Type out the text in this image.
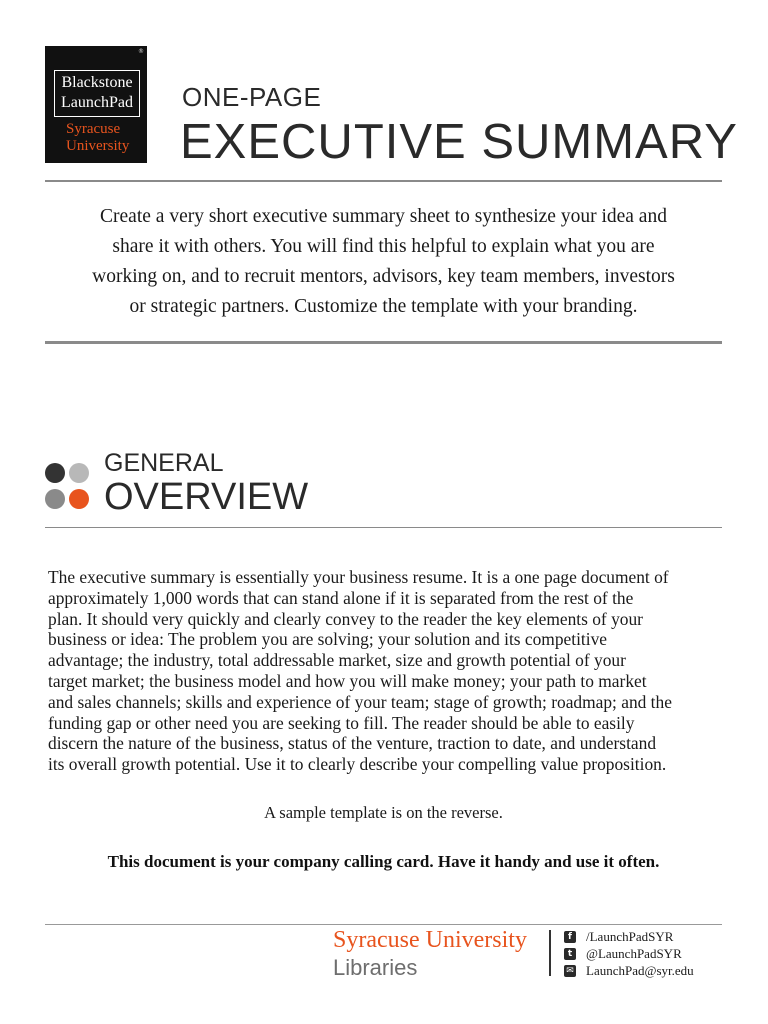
®
Blackstone
LaunchPad
Syracuse
University
ONE-PAGE
EXECUTIVE SUMMARY
Create a very short executive summary sheet to synthesize your idea and
share it with others. You will find this helpful to explain what you are
working on, and to recruit mentors, advisors, key team members, investors
or strategic partners. Customize the template with your branding.
GENERAL
OVERVIEW
The executive summary is essentially your business resume. It is a one page document of
approximately 1,000 words that can stand alone if it is separated from the rest of the
plan. It should very quickly and clearly convey to the reader the key elements of your
business or idea: The problem you are solving; your solution and its competitive
advantage; the industry, total addressable market, size and growth potential of your
target market; the business model and how you will make money; your path to market
and sales channels; skills and experience of your team; stage of growth; roadmap; and the
funding gap or other need you are seeking to fill. The reader should be able to easily
discern the nature of the business, status of the venture, traction to date, and understand
its overall growth potential. Use it to clearly describe your compelling value proposition.
A sample template is on the reverse.
This document is your company calling card. Have it handy and use it often.
Syracuse University
Libraries
f	/LaunchPadSYR
t @LaunchPadSYR
✉ LaunchPad@syr.edu
